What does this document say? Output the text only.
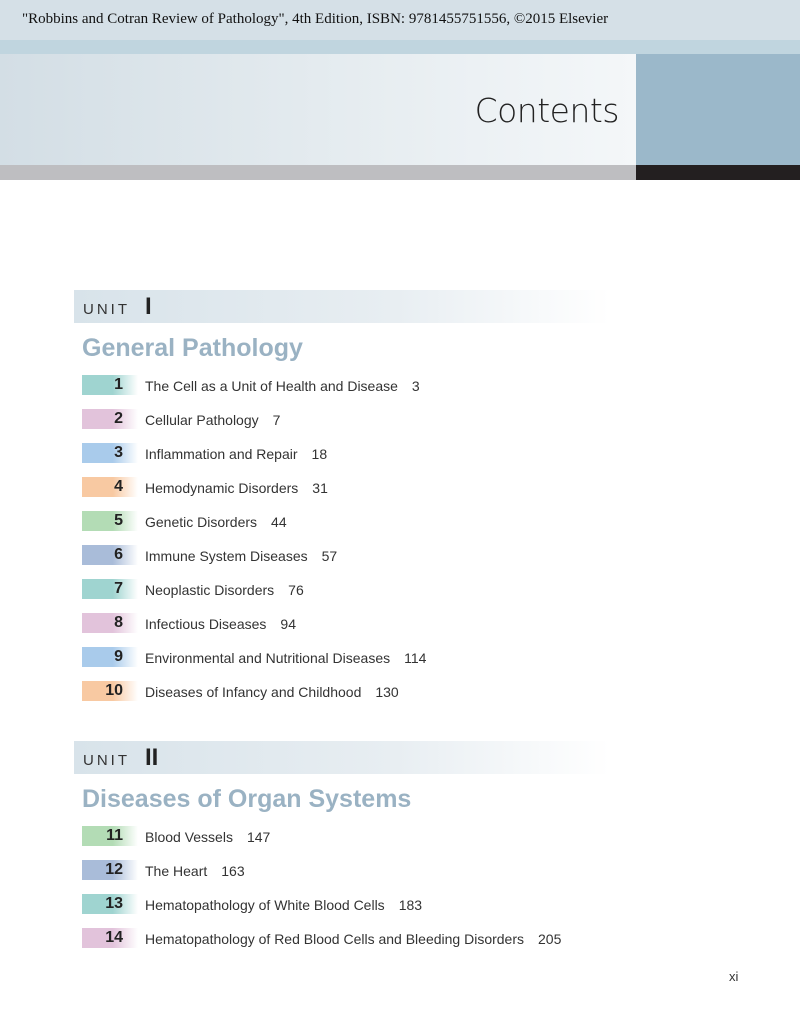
"Robbins and Cotran Review of Pathology", 4th Edition, ISBN: 9781455751556, ©2015 Elsevier
Contents
UNIT I
General Pathology
1 The Cell as a Unit of Health and Disease 3
2 Cellular Pathology 7
3 Inflammation and Repair 18
4 Hemodynamic Disorders 31
5 Genetic Disorders 44
6 Immune System Diseases 57
7 Neoplastic Disorders 76
8 Infectious Diseases 94
9 Environmental and Nutritional Diseases 114
10 Diseases of Infancy and Childhood 130
UNIT II
Diseases of Organ Systems
11 Blood Vessels 147
12 The Heart 163
13 Hematopathology of White Blood Cells 183
14 Hematopathology of Red Blood Cells and Bleeding Disorders 205
xi
